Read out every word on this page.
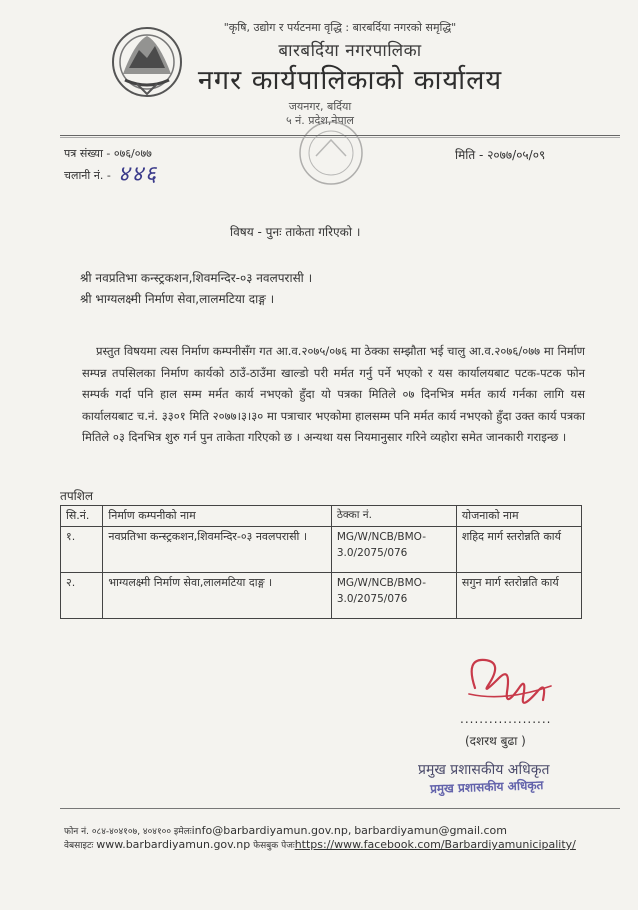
"कृषि, उद्योग र पर्यटनमा वृद्धि : बारबर्दिया नगरको समृद्धि"
बारबर्दिया नगरपालिका
नगर कार्यपालिकाको कार्यालय
जयनगर, बर्दिया
५ नं. प्रदेश,नेपाल
पत्र संख्या - ०७६/०७७
चलानी नं. - ४४६
मिति - २०७७/०५/०९
विषय - पुनः ताकेता गरिएको ।
श्री नवप्रतिभा कन्स्ट्रकशन,शिवमन्दिर-०३ नवलपरासी ।
श्री भाग्यलक्ष्मी निर्माण सेवा,लालमटिया दाङ्ग ।
प्रस्तुत विषयमा त्यस निर्माण कम्पनीसँग गत आ.व.२०७५/०७६ मा ठेक्का सम्झौता भई चालु आ.व.२०७६/०७७ मा निर्माण सम्पन्न तपसिलका निर्माण कार्यको ठाउँ-ठाउँमा खाल्डो परी मर्मत गर्नु पर्ने भएको र यस कार्यालयबाट पटक-पटक फोन सम्पर्क गर्दा पनि हाल सम्म मर्मत कार्य नभएको हुँदा यो पत्रका मितिले ०७ दिनभित्र मर्मत कार्य गर्नका लागि यस कार्यालयबाट च.नं. ३३०१ मिति २०७७।३।३० मा पत्राचार भएकोमा हालसम्म पनि मर्मत कार्य नभएको हुँदा उक्त कार्य पत्रका मितिले ०३ दिनभित्र शुरु गर्न पुन ताकेता गरिएको छ । अन्यथा यस नियमानुसार गरिने व्यहोरा समेत जानकारी गराइन्छ ।
तपशिल
सि.नं.	निर्माण कम्पनीको नाम	ठेक्का नं.	योजनाको नाम
१.	नवप्रतिभा कन्स्ट्रकशन,शिवमन्दिर-०३ नवलपरासी ।	MG/W/NCB/BMO-3.0/2075/076	शहिद मार्ग स्तरोन्नति कार्य
२.	भाग्यलक्ष्मी निर्माण सेवा,लालमटिया दाङ्ग ।	MG/W/NCB/BMO-3.0/2075/076	सगुन मार्ग स्तरोन्नति कार्य
...................
(दशरथ बुढा )
प्रमुख प्रशासकीय अधिकृत
प्रमुख प्रशासकीय अधिकृत
फोन नं. ०८४-४०४१०७, ४०४१०० इमेलःinfo@barbardiyamun.gov.np, barbardiyamun@gmail.com
वेबसाइटः www.barbardiyamun.gov.np फेसबुक पेजःhttps://www.facebook.com/Barbardiyamunicipality/
